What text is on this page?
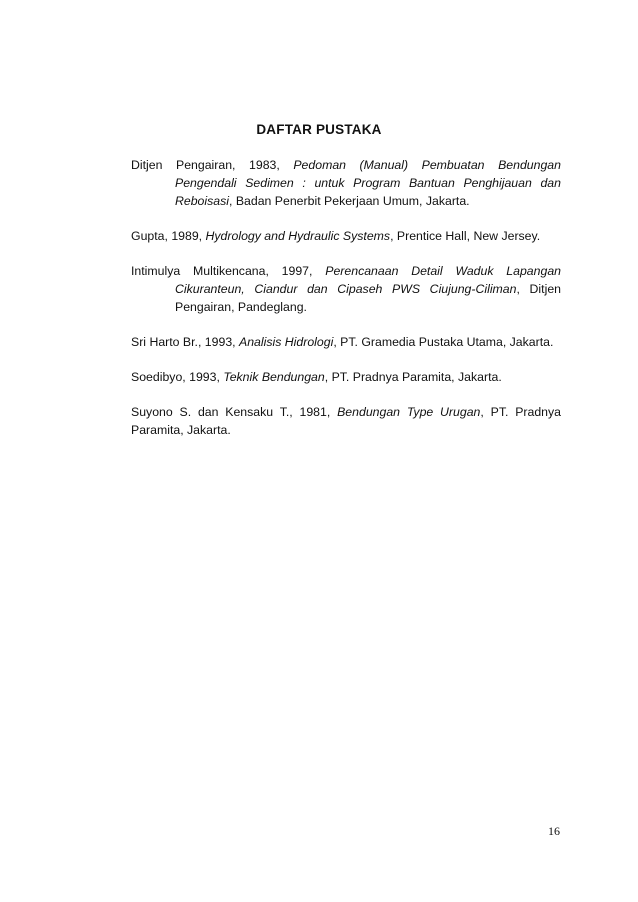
DAFTAR PUSTAKA

Ditjen Pengairan, 1983, Pedoman (Manual) Pembuatan Bendungan Pengendali Sedimen : untuk Program Bantuan Penghijauan dan Reboisasi, Badan Penerbit Pekerjaan Umum, Jakarta.

Gupta, 1989, Hydrology and Hydraulic Systems, Prentice Hall, New Jersey.

Intimulya Multikencana, 1997, Perencanaan Detail Waduk Lapangan Cikuranteun, Ciandur dan Cipaseh PWS Ciujung-Ciliman, Ditjen Pengairan, Pandeglang.

Sri Harto Br., 1993, Analisis Hidrologi, PT. Gramedia Pustaka Utama, Jakarta.

Soedibyo, 1993, Teknik Bendungan, PT. Pradnya Paramita, Jakarta.

Suyono S. dan Kensaku T., 1981, Bendungan Type Urugan, PT. Pradnya Paramita, Jakarta.

16
